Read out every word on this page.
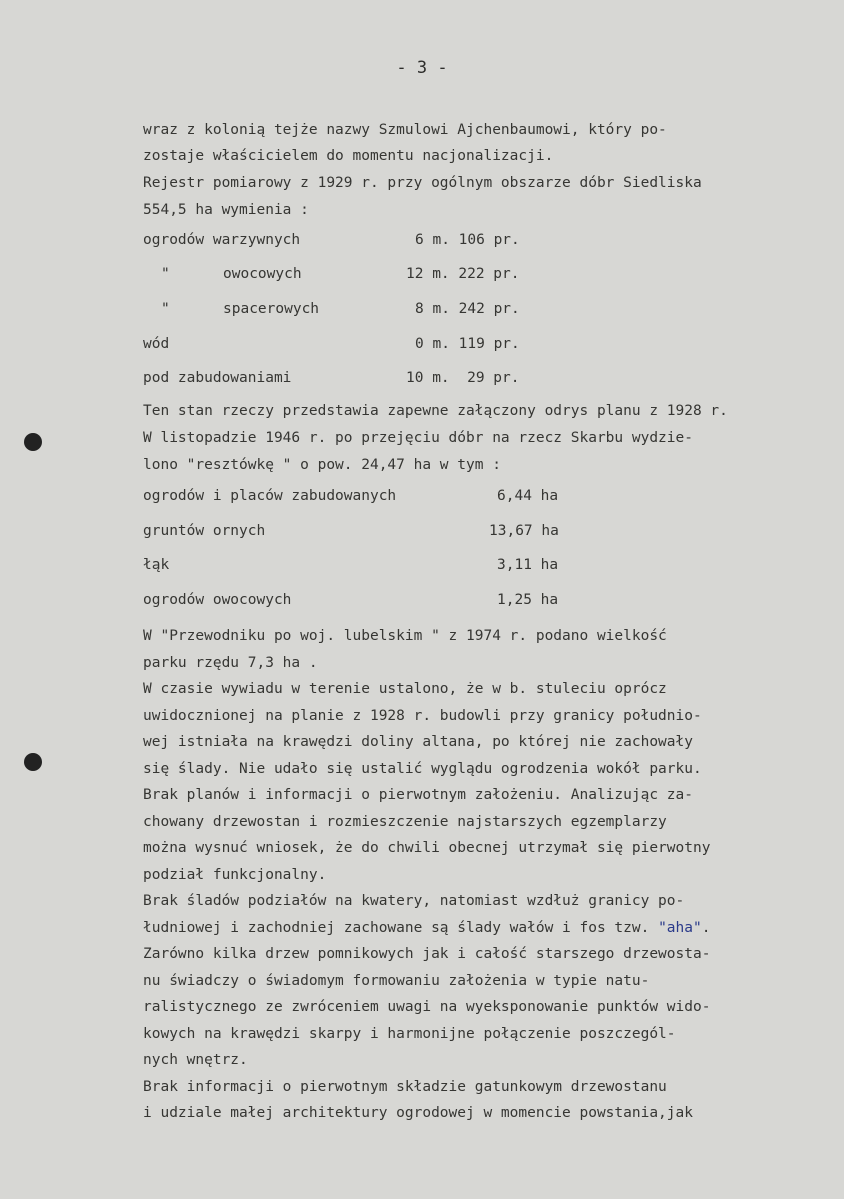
- 3 -
wraz z kolonią tejże nazwy Szmulowi Ajchenbaumowi, który po-
zostaje właścicielem do momentu nacjonalizacji.
Rejestr pomiarowy z 1929 r. przy ogólnym obszarze dóbr Siedliska
554,5 ha wymienia :
ogrodów warzywnych	6 m. 106 pr.
"	owocowych	12 m. 222 pr.
"	spacerowych	8 m. 242 pr.
wód	0 m. 119 pr.
pod zabudowaniami	10 m.  29 pr.
Ten stan rzeczy przedstawia zapewne załączony odrys planu z 1928 r.
W listopadzie 1946 r. po przejęciu dóbr na rzecz Skarbu wydzie-
lono "resztówkę " o pow. 24,47 ha w tym :
ogrodów i placów zabudowanych	6,44 ha
gruntów ornych	13,67 ha
łąk	3,11 ha
ogrodów owocowych	1,25 ha
W "Przewodniku po woj. lubelskim " z 1974 r. podano wielkość
parku rzędu 7,3 ha .
W czasie wywiadu w terenie ustalono, że w b. stuleciu oprócz
uwidocznionej na planie z 1928 r. budowli przy granicy południo-
wej istniała na krawędzi doliny altana, po której nie zachowały
się ślady. Nie udało się ustalić wyglądu ogrodzenia wokół parku.
Brak planów i informacji o pierwotnym założeniu. Analizując za-
chowany drzewostan i rozmieszczenie najstarszych egzemplarzy
można wysnuć wniosek, że do chwili obecnej utrzymał się pierwotny
podział funkcjonalny.
Brak śladów podziałów na kwatery, natomiast wzdłuż granicy po-
łudniowej i zachodniej zachowane są ślady wałów i fos tzw. "aha".
Zarówno kilka drzew pomnikowych jak i całość starszego drzewosta-
nu świadczy o świadomym formowaniu założenia w typie natu-
ralistycznego ze zwróceniem uwagi na wyeksponowanie punktów wido-
kowych na krawędzi skarpy i harmonijne połączenie poszczegól-
nych wnętrz.
Brak informacji o pierwotnym składzie gatunkowym drzewostanu
i udziale małej architektury ogrodowej w momencie powstania,jak
